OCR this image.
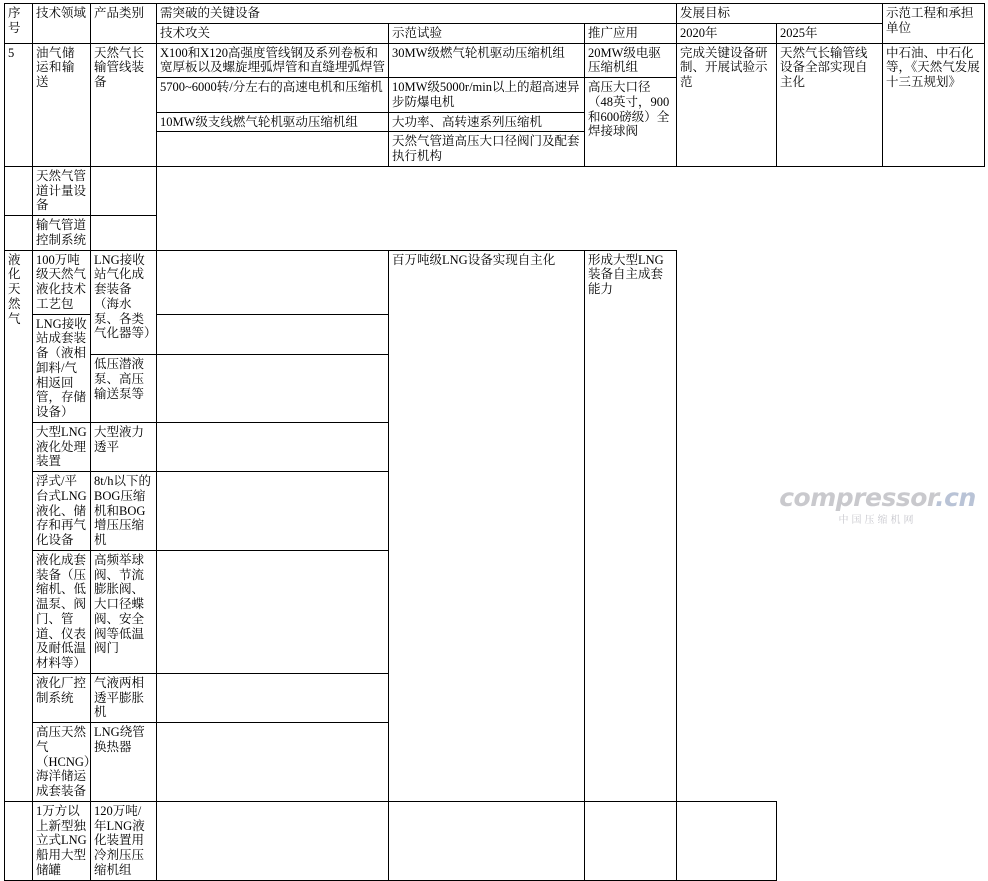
序号	技术领域	产品类别	需突破的关键设备			发展目标		示范工程和承担单位
			技术攻关	示范试验	推广应用	2020年	2025年	
5	油气储运和输送	天然气长输管线装备	X100和X120高强度管线钢及系列卷板和宽厚板以及螺旋埋弧焊管和直缝埋弧焊管	30MW级燃气轮机驱动压缩机组	20MW级电驱压缩机组	完成关键设备研制、开展试验示范	天然气长输管线设备全部实现自主化	中石油、中石化等，《天然气发展十三五规划》

			5700~6000转/分左右的高速电机和压缩机	10MW级5000r/min以上的超高速异步防爆电机	高压大口径（48英寸，900和600磅级）全焊接球阀			

			10MW级支线燃气轮机驱动压缩机组	大功率、高转速系列压缩机				
				天然气管道高压大口径阀门及配套执行机构				
	天然气管道计量设备							
	输气管道控制系统							
液化天然气	100万吨级天然气液化技术工艺包	LNG接收站气化成套装备（海水泵、各类气化器等）		百万吨级LNG设备实现自主化	形成大型LNG装备自主成套能力			
	LNG接收站成套装备（液相卸料/气相返回管，存储设备）							
		低压潜液泵、高压输送泵等						
	大型LNG液化处理装置	大型液力透平						
	浮式/平台式LNG液化、储存和再气化设备	8t/h以下的BOG压缩机和BOG增压压缩机						
	液化成套装备（压缩机、低温泵、阀门、管道、仪表及耐低温材料等）	高频举球阀、节流膨胀阀、大口径蝶阀、安全阀等低温阀门						
	液化厂控制系统	气液两相透平膨胀机						
	高压天然气（HCNG）海洋储运成套装备	LNG绕管换热器						
	1万方以上新型独立式LNG船用大型储罐	120万吨/年LNG液化装置用冷剂压压缩机组						
compressor.cn
中国压缩机网
